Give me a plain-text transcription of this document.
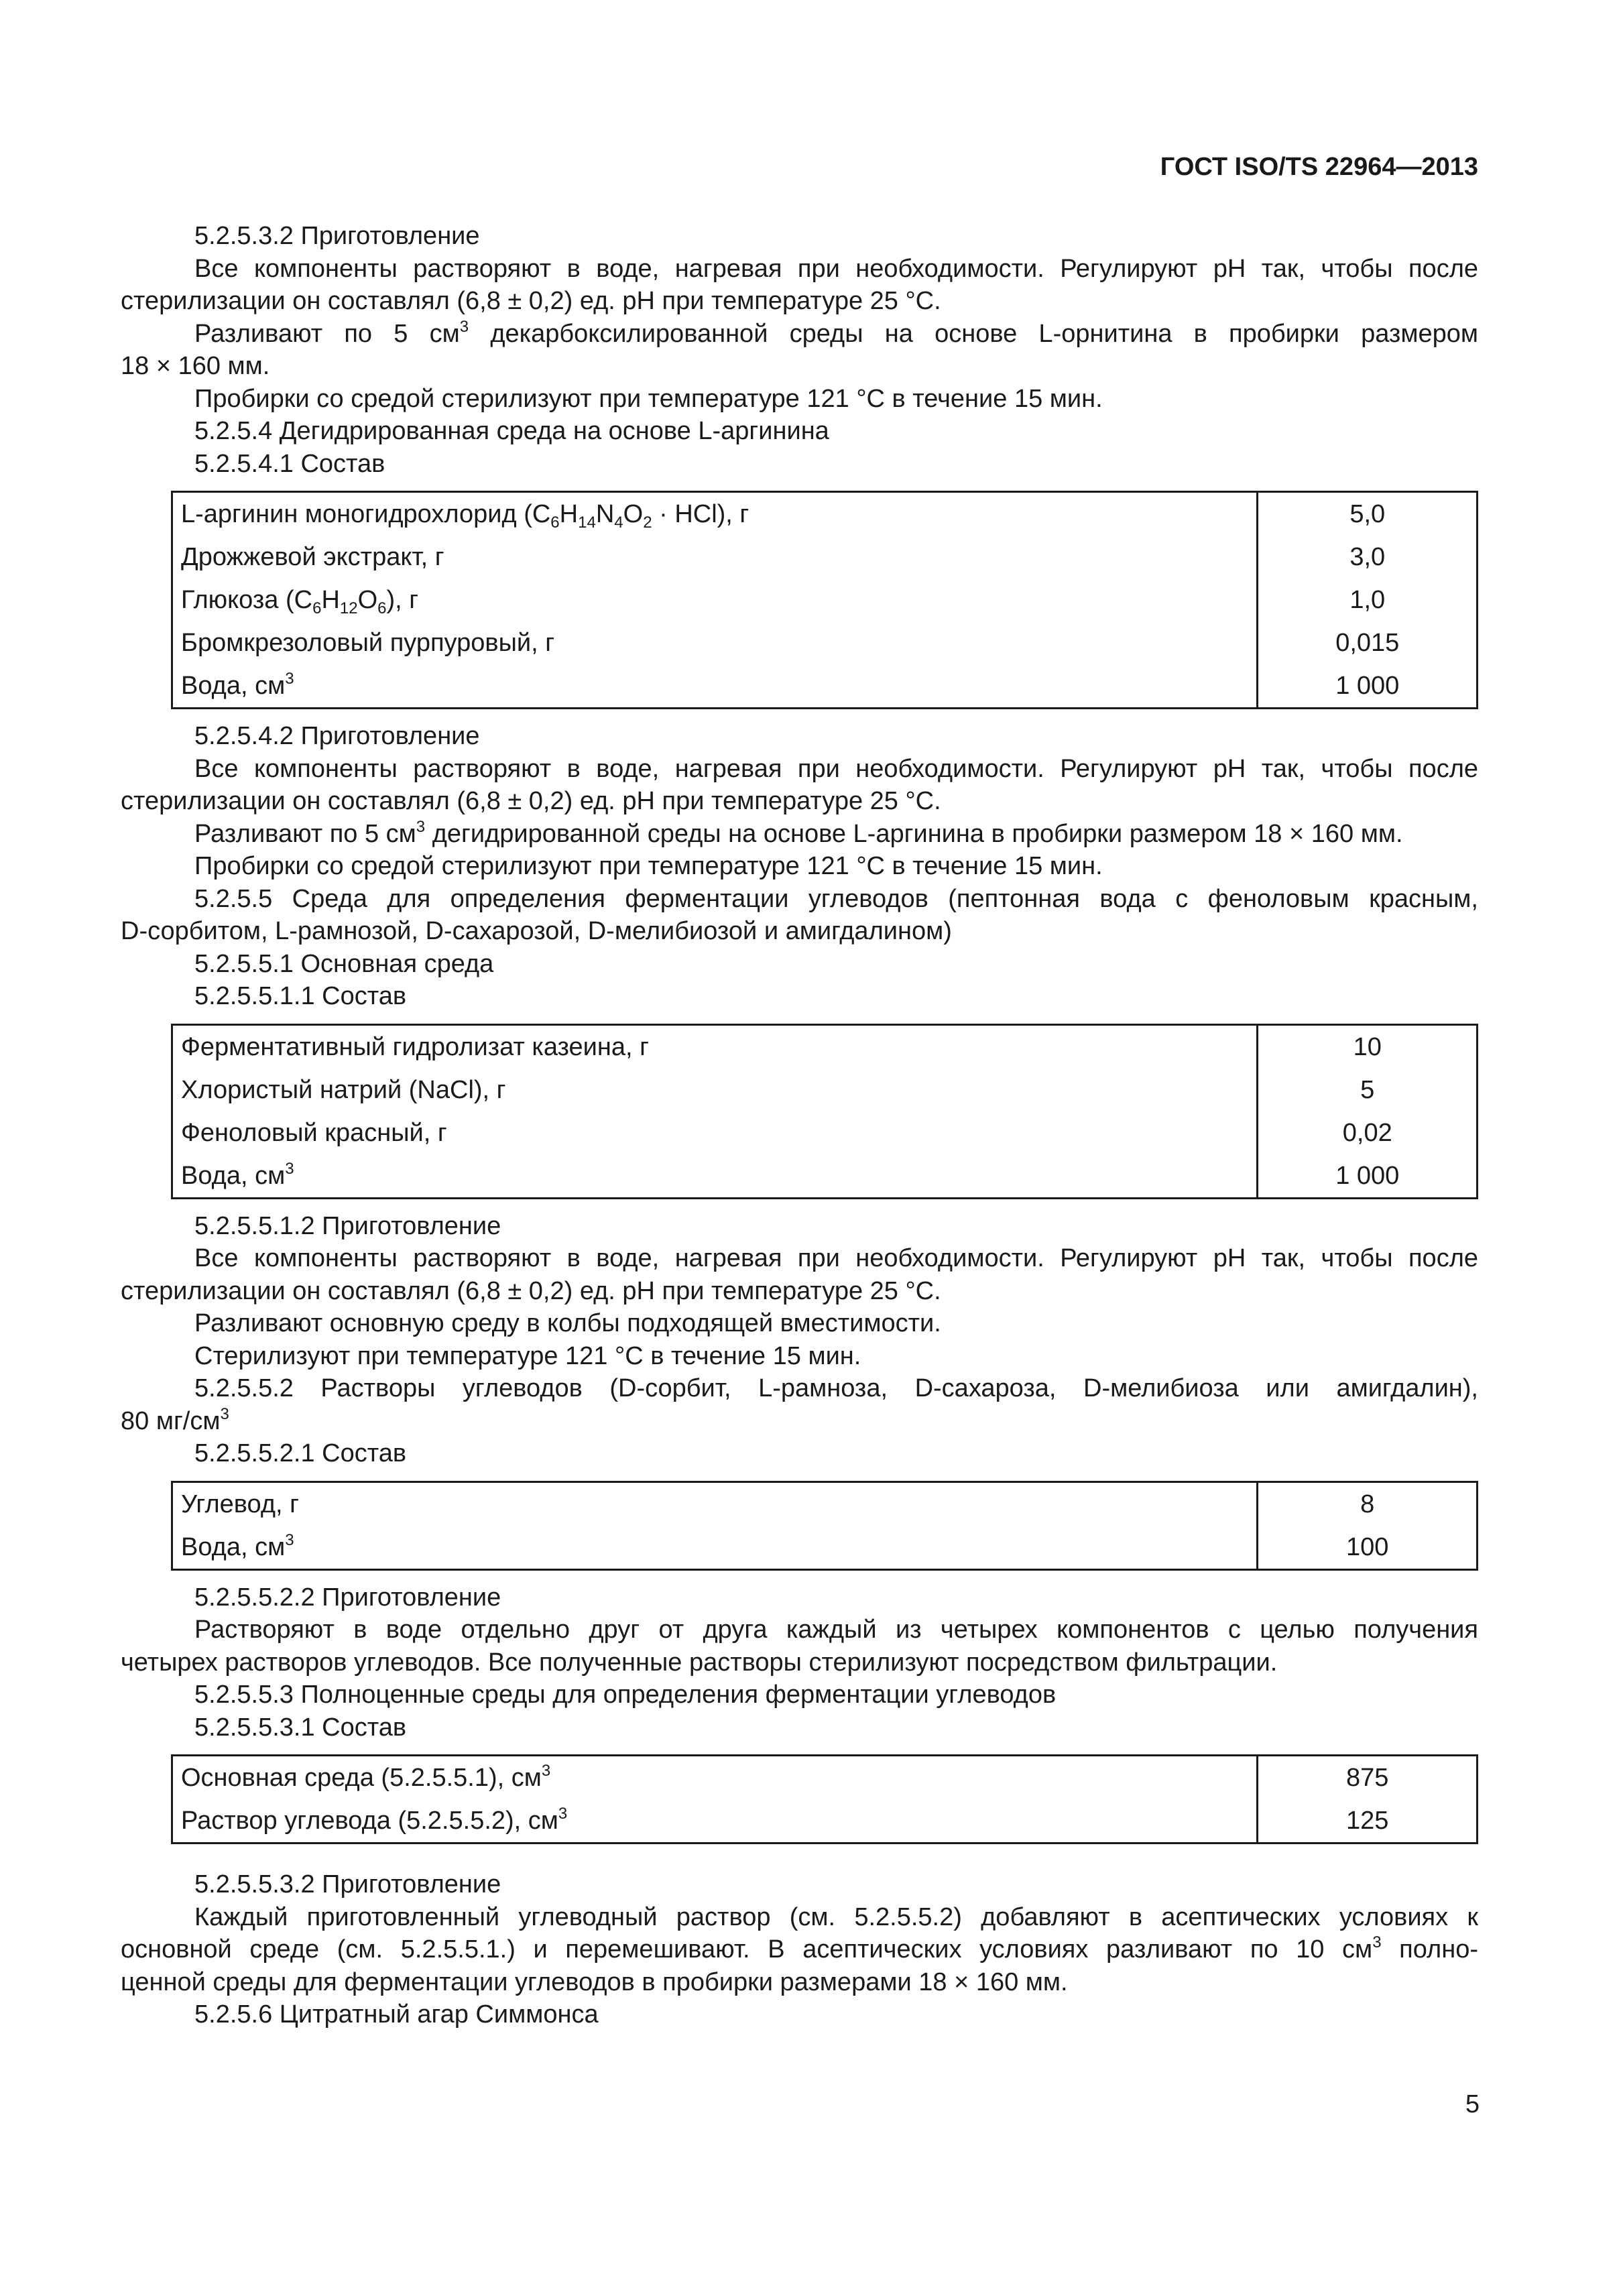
ГОСТ ISO/TS 22964—2013

5.2.5.3.2 Приготовление

Все компоненты растворяют в воде, нагревая при необходимости. Регулируют pH так, чтобы после

стерилизации он составлял (6,8 ± 0,2) ед. pH при температуре 25 °С.

Разливают по 5 $см^3$ декарбоксилированной среды на основе L-орнитина в пробирки размером

18 × 160 мм.

Пробирки со средой стерилизуют при температуре 121 °С в течение 15 мин.

5.2.5.4 Дегидрированная среда на основе L-аргинина

5.2.5.4.1 Состав

L-аргинин моногидрохлорид $(C_6H_{14}N_4O_2 \cdot HCl)$, г	5,0
Дрожжевой экстракт, г	3,0
Глюкоза $(C_6H_{12}O_6)$, г	1,0
Бромкрезоловый пурпуровый, г	0,015
Вода, $см^3$	1 000

5.2.5.4.2 Приготовление

Все компоненты растворяют в воде, нагревая при необходимости. Регулируют pH так, чтобы после

стерилизации он составлял (6,8 ± 0,2) ед. pH при температуре 25 °С.

Разливают по 5 $см^3$ дегидрированной среды на основе L-аргинина в пробирки размером 18 × 160 мм.

Пробирки со средой стерилизуют при температуре 121 °С в течение 15 мин.

5.2.5.5 Среда для определения ферментации углеводов (пептонная вода с феноловым красным,

D-сорбитом, L-рамнозой, D-сахарозой, D-мелибиозой и амигдалином)

5.2.5.5.1 Основная среда

5.2.5.5.1.1 Состав

Ферментативный гидролизат казеина, г	10
Хлористый натрий (NaCl), г	5
Феноловый красный, г	0,02
Вода, $см^3$	1 000

5.2.5.5.1.2 Приготовление

Все компоненты растворяют в воде, нагревая при необходимости. Регулируют pH так, чтобы после

стерилизации он составлял (6,8 ± 0,2) ед. pH при температуре 25 °С.

Разливают основную среду в колбы подходящей вместимости.

Стерилизуют при температуре 121 °С в течение 15 мин.

5.2.5.5.2 Растворы углеводов (D-сорбит, L-рамноза, D-сахароза, D-мелибиоза или амигдалин),

80 $мг/см^3$

5.2.5.5.2.1 Состав

Углевод, г	8
Вода, $см^3$	100

5.2.5.5.2.2 Приготовление

Растворяют в воде отдельно друг от друга каждый из четырех компонентов с целью получения

четырех растворов углеводов. Все полученные растворы стерилизуют посредством фильтрации.

5.2.5.5.3 Полноценные среды для определения ферментации углеводов

5.2.5.5.3.1 Состав

Основная среда (5.2.5.5.1), $см^3$	875
Раствор углевода (5.2.5.5.2), $см^3$	125

5.2.5.5.3.2 Приготовление

Каждый приготовленный углеводный раствор (см. 5.2.5.5.2) добавляют в асептических условиях к

основной среде (см. 5.2.5.5.1.) и перемешивают. В асептических условиях разливают по 10 $см^3$ полно-

ценной среды для ферментации углеводов в пробирки размерами 18 × 160 мм.

5.2.5.6 Цитратный агар Симмонса

5
